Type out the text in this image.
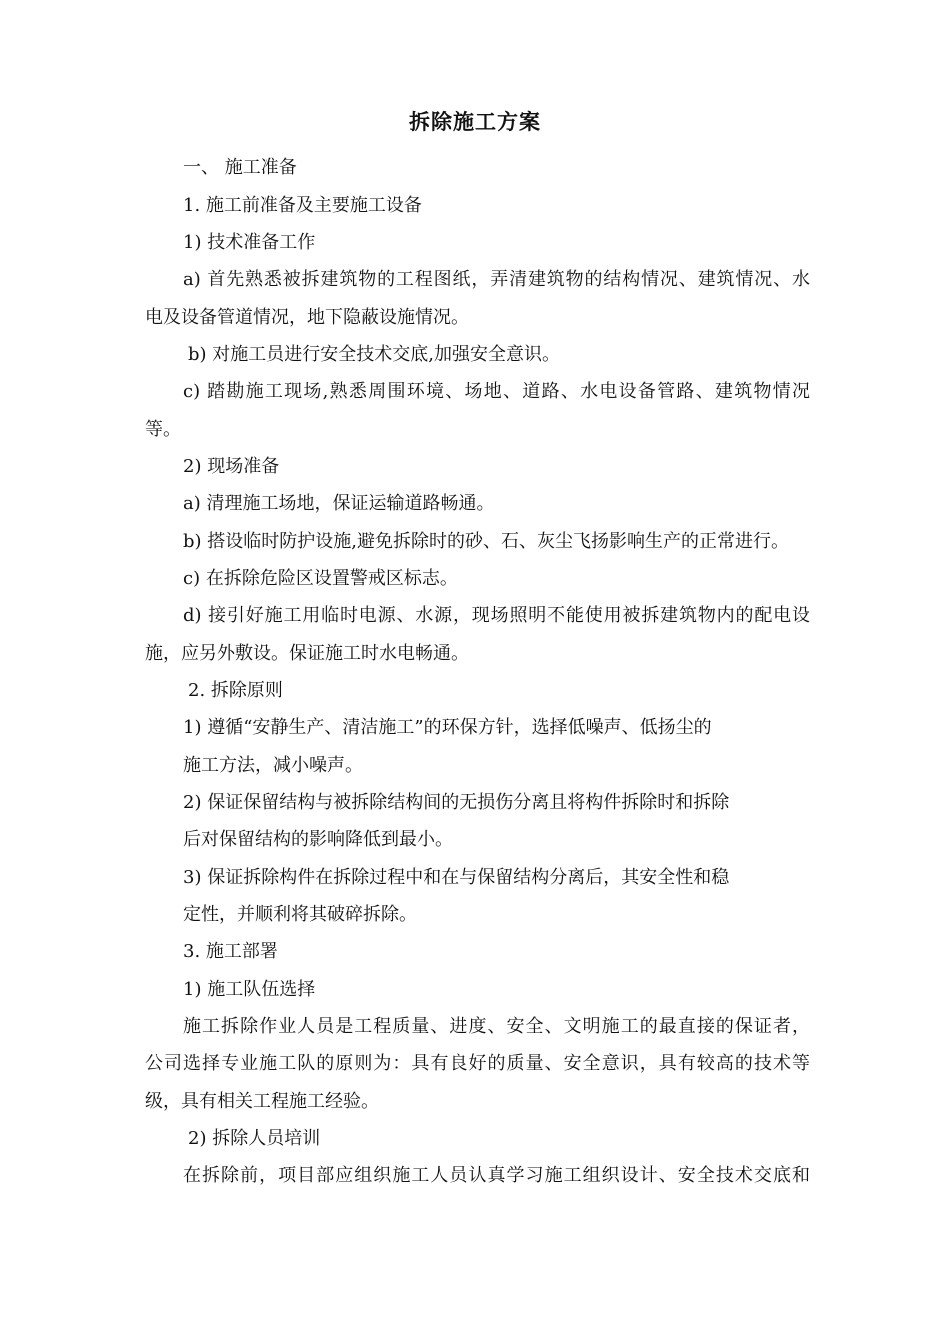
拆除施工方案
一、 施工准备
1. 施工前准备及主要施工设备
1) 技术准备工作
a) 首先熟悉被拆建筑物的工程图纸，弄清建筑物的结构情况、建筑情况、水
电及设备管道情况，地下隐蔽设施情况。
b) 对施工员进行安全技术交底,加强安全意识。
c) 踏勘施工现场,熟悉周围环境、场地、道路、水电设备管路、建筑物情况
等。
2) 现场准备
a) 清理施工场地，保证运输道路畅通。
b) 搭设临时防护设施,避免拆除时的砂、石、灰尘飞扬影响生产的正常进行。
c) 在拆除危险区设置警戒区标志。
d) 接引好施工用临时电源、水源，现场照明不能使用被拆建筑物内的配电设
施，应另外敷设。保证施工时水电畅通。
2. 拆除原则
1) 遵循“安静生产、清洁施工”的环保方针，选择低噪声、低扬尘的
施工方法，减小噪声。
2) 保证保留结构与被拆除结构间的无损伤分离且将构件拆除时和拆除
后对保留结构的影响降低到最小。
3) 保证拆除构件在拆除过程中和在与保留结构分离后，其安全性和稳
定性，并顺利将其破碎拆除。
3. 施工部署
1) 施工队伍选择
施工拆除作业人员是工程质量、进度、安全、文明施工的最直接的保证者，
公司选择专业施工队的原则为：具有良好的质量、安全意识，具有较高的技术等
级，具有相关工程施工经验。
2) 拆除人员培训
在拆除前，项目部应组织施工人员认真学习施工组织设计、安全技术交底和
